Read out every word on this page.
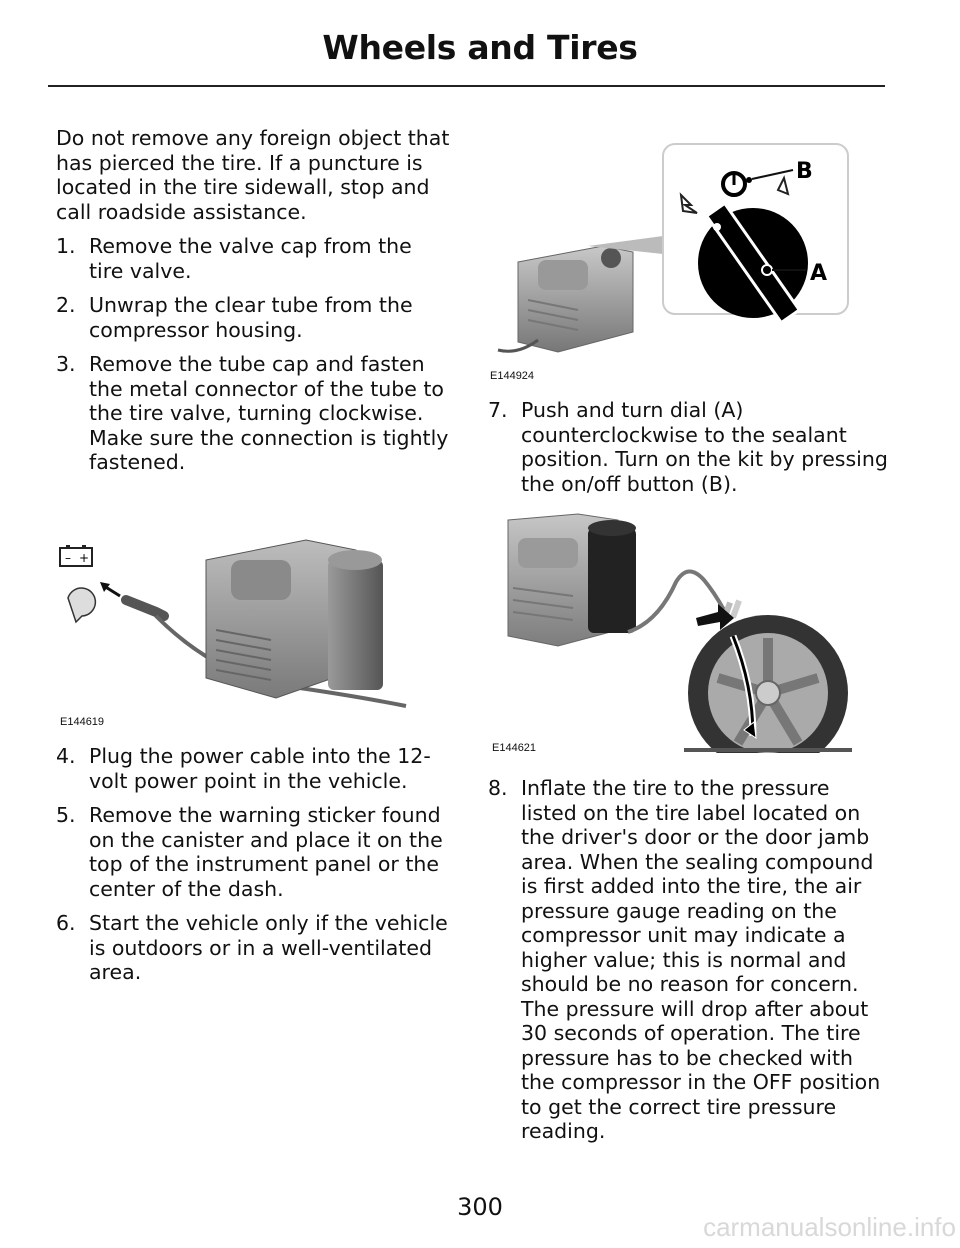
Wheels and Tires

Do not remove any foreign object that has pierced the tire. If a puncture is located in the tire sidewall, stop and call roadside assistance.

1. Remove the valve cap from the tire valve.
2. Unwrap the clear tube from the compressor housing.
3. Remove the tube cap and fasten the metal connector of the tube to the tire valve, turning clockwise. Make sure the connection is tightly fastened.
4. Plug the power cable into the 12-volt power point in the vehicle.
5. Remove the warning sticker found on the canister and place it on the top of the instrument panel or the center of the dash.
6. Start the vehicle only if the vehicle is outdoors or in a well-ventilated area.
– +
E144619
B
A
E144924
7. Push and turn dial (A) counterclockwise to the sealant position. Turn on the kit by pressing the on/off button (B).
E144621
8. Inflate the tire to the pressure listed on the tire label located on the driver's door or the door jamb area. When the sealing compound is first added into the tire, the air pressure gauge reading on the compressor unit may indicate a higher value; this is normal and should be no reason for concern. The pressure will drop after about 30 seconds of operation. The tire pressure has to be checked with the compressor in the OFF position to get the correct tire pressure reading.
300
carmanualsonline.info
